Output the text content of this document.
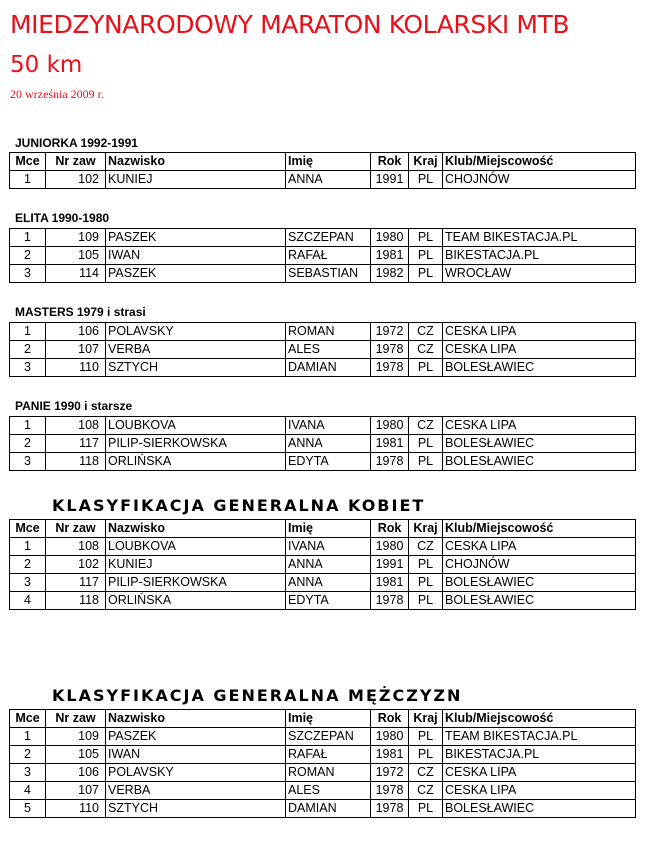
MIEDZYNARODOWY MARATON KOLARSKI MTB
50 km
20 września 2009 r.
JUNIORKA 1992-1991
Mce	Nr zaw	Nazwisko	Imię	Rok	Kraj	Klub/Miejscowość
1	102	KUNIEJ	ANNA	1991	PL	CHOJNÓW
ELITA 1990-1980
1	109	PASZEK	SZCZEPAN	1980	PL	TEAM BIKESTACJA.PL
2	105	IWAN	RAFAŁ	1981	PL	BIKESTACJA.PL
3	114	PASZEK	SEBASTIAN	1982	PL	WROCŁAW
MASTERS 1979 i strasi
1	106	POLAVSKY	ROMAN	1972	CZ	CESKA LIPA
2	107	VERBA	ALES	1978	CZ	CESKA LIPA
3	110	SZTYCH	DAMIAN	1978	PL	BOLESŁAWIEC
PANIE 1990 i starsze
1	108	LOUBKOVA	IVANA	1980	CZ	CESKA LIPA
2	117	PILIP-SIERKOWSKA	ANNA	1981	PL	BOLESŁAWIEC
3	118	ORLIŃSKA	EDYTA	1978	PL	BOLESŁAWIEC
KLASYFIKACJA GENERALNA KOBIET
Mce	Nr zaw	Nazwisko	Imię	Rok	Kraj	Klub/Miejscowość
1	108	LOUBKOVA	IVANA	1980	CZ	CESKA LIPA
2	102	KUNIEJ	ANNA	1991	PL	CHOJNÓW
3	117	PILIP-SIERKOWSKA	ANNA	1981	PL	BOLESŁAWIEC
4	118	ORLIŃSKA	EDYTA	1978	PL	BOLESŁAWIEC
KLASYFIKACJA GENERALNA MĘŻCZYZN
Mce	Nr zaw	Nazwisko	Imię	Rok	Kraj	Klub/Miejscowość
1	109	PASZEK	SZCZEPAN	1980	PL	TEAM BIKESTACJA.PL
2	105	IWAN	RAFAŁ	1981	PL	BIKESTACJA.PL
3	106	POLAVSKY	ROMAN	1972	CZ	CESKA LIPA
4	107	VERBA	ALES	1978	CZ	CESKA LIPA
5	110	SZTYCH	DAMIAN	1978	PL	BOLESŁAWIEC
